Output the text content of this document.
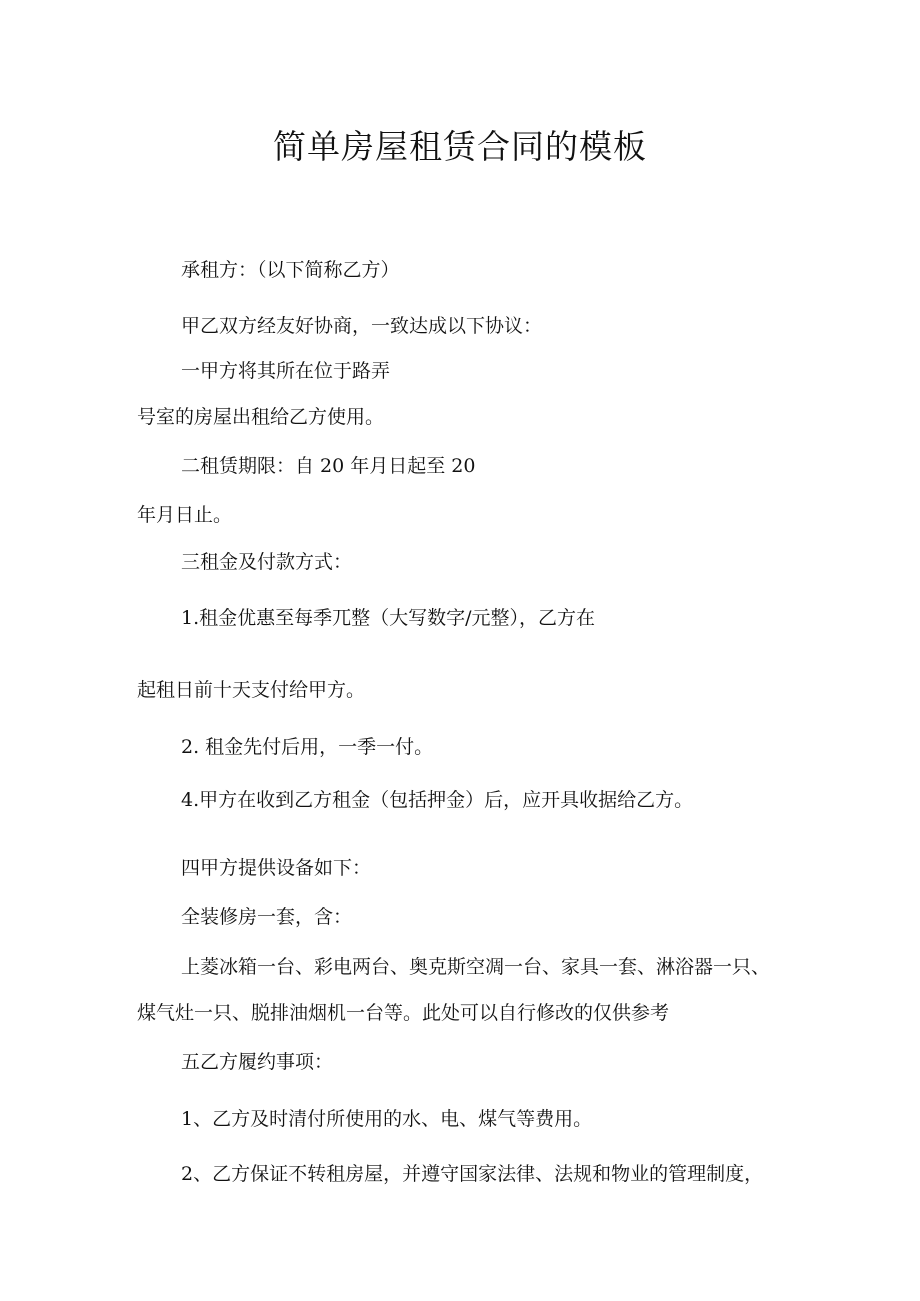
简单房屋租赁合同的模板

承租方：（以下简称乙方）

甲乙双方经友好协商，一致达成以下协议：

一甲方将其所在位于路弄

号室的房屋出租给乙方使用。

二租赁期限：自 20 年月日起至 20

年月日止。

三租金及付款方式：

1.租金优惠至每季兀整（大写数字/元整），乙方在

起租日前十天支付给甲方。

2. 租金先付后用，一季一付。

4.甲方在收到乙方租金（包括押金）后，应开具收据给乙方。

四甲方提供设备如下：

全装修房一套，含：

上菱冰箱一台、彩电两台、奥克斯空凋一台、家具一套、淋浴器一只、

煤气灶一只、脱排油烟机一台等。此处可以自行修改的仅供参考

五乙方履约事项：

1、乙方及时清付所使用的水、电、煤气等费用。

2、乙方保证不转租房屋，并遵守国家法律、法规和物业的管理制度，
